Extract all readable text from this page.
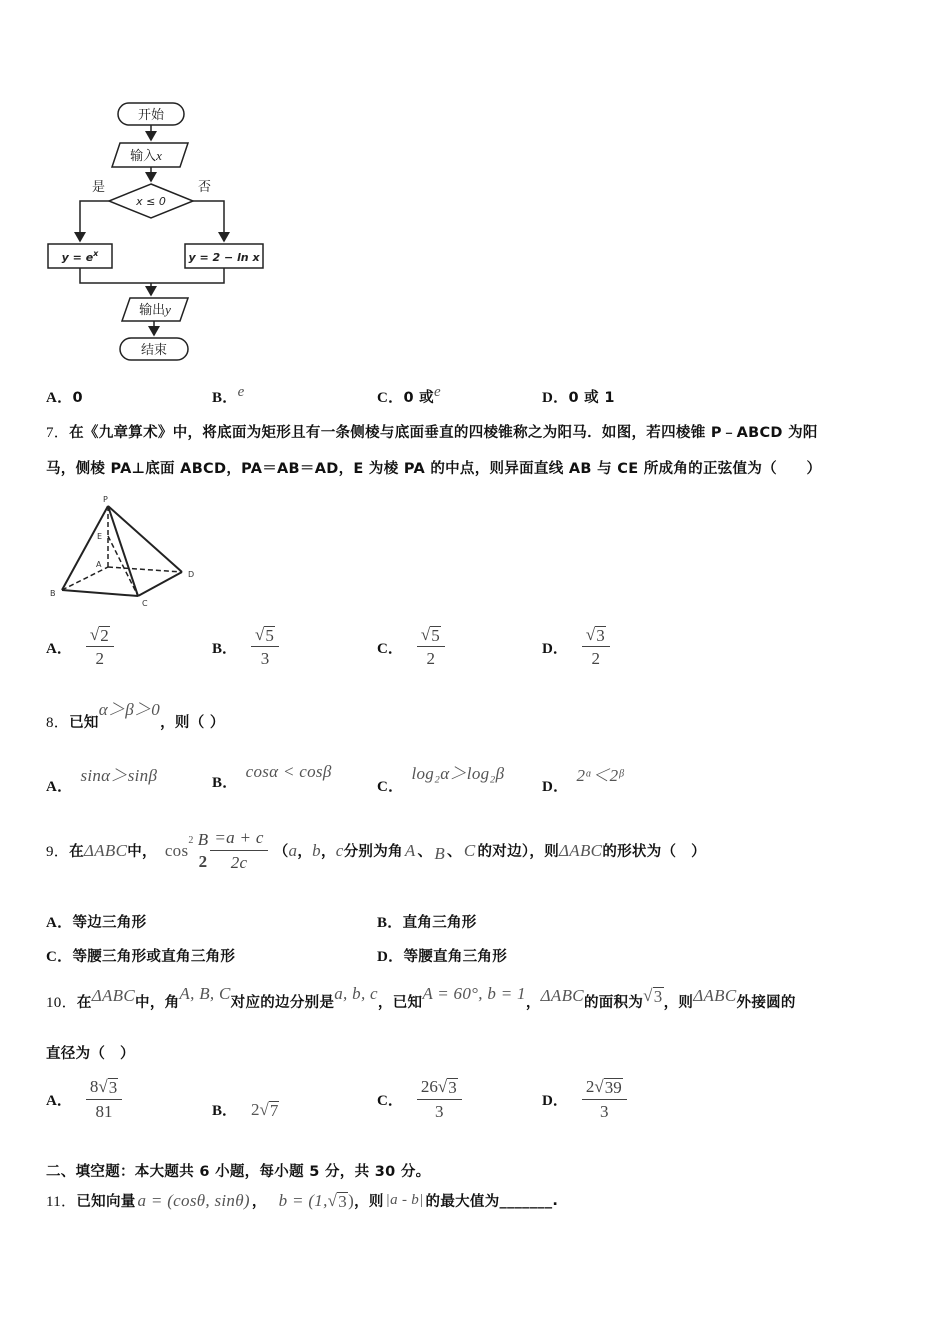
开始
输入x
x ≤ 0
是	否
$y = e^x$	y = 2 − ln x
输出y
结束
A．0	B．e	C．0 或e	D．0 或 1
7．在《九章算术》中，将底面为矩形且有一条侧棱与底面垂直的四棱锥称之为阳马．如图，若四棱锥 P﹣ABCD 为阳
马，侧棱 PA⊥底面 ABCD，PA＝AB＝AD，E 为棱 PA 的中点，则异面直线 AB 与 CE 所成角的正弦值为（　　）
P
E
A
B
C
D
A． $\frac{√ 2}{2}$	B． $\frac{√ 5}{3}$	C． $\frac{√ 5}{2}$	D． $\frac{√ 3}{2}$
8．已知α＞β＞0，则（ ）
A．sinα＞sinβ	B．cosα < cosβ
C．log₂α＞log₂β
D．2ᵅ＜2ᵝ
9． 在 ΔABC 中， cos 2 B
$2 \frac{=a + c}{2c}$ （ a ， b ， c 分别为角 A 、 B 、 C 的对边），则 ΔABC 的形状为（　）
A．等边三角形	B．直角三角形
C．等腰三角形或直角三角形	D．等腰直角三角形
10．在ΔABC中，角A, B, C对应的边分别是a, b, c，已知A = 60°, b = 1，ΔABC的面积为 √ 3 ，则ΔABC外接圆的
直径为（　）
A． $\frac{8 √ 3}{81}$	B． 2 √ 7	C． $\frac{26 √ 3}{3}$	D． $\frac{2 √ 39}{3}$
二、填空题：本大题共 6 小题，每小题 5 分，共 30 分。
11． 已知向量 a = (cosθ, sinθ) ， b = (1, √ 3 ) ，则 |a - b| 的最大值为 _______ .
